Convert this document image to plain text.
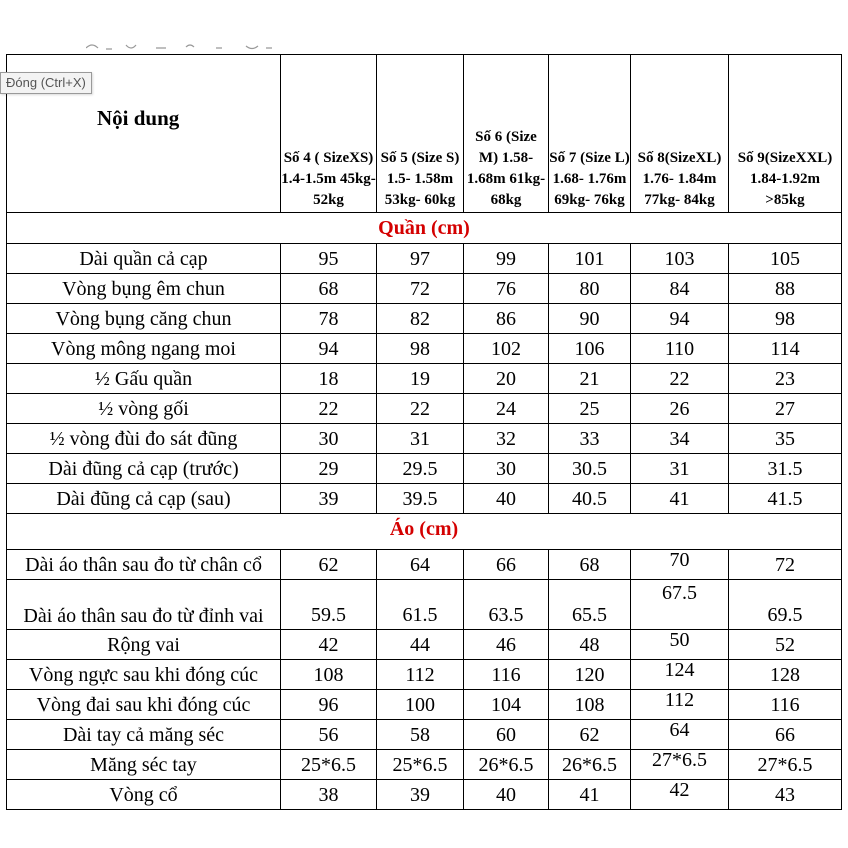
Đóng (Ctrl+X)
Nội dung	Số 4 ( SizeXS) 1.4-1.5m 45kg- 52kg	Số 5 (Size S) 1.5- 1.58m 53kg- 60kg	Số 6 (Size M) 1.58- 1.68m 61kg- 68kg	Số 7 (Size L) 1.68- 1.76m 69kg- 76kg	Số 8(SizeXL) 1.76- 1.84m 77kg- 84kg	Số 9(SizeXXL) 1.84-1.92m >85kg

Quần (cm)						
Dài quần cả cạp	95	97	99	101	103	105
Vòng bụng êm chun	68	72	76	80	84	88
Vòng bụng căng chun	78	82	86	90	94	98
Vòng mông ngang moi	94	98	102	106	110	114
½ Gấu quần	18	19	20	21	22	23
½ vòng gối	22	22	24	25	26	27
½ vòng đùi đo sát đũng	30	31	32	33	34	35
Dài đũng cả cạp (trước)	29	29.5	30	30.5	31	31.5
Dài đũng cả cạp (sau)	39	39.5	40	40.5	41	41.5
Áo (cm)						
Dài áo thân sau đo từ chân cổ	62	64	66	68	70	72
Dài áo thân sau đo từ đỉnh vai	59.5	61.5	63.5	65.5	67.5	69.5
Rộng vai	42	44	46	48	50	52
Vòng ngực sau khi đóng cúc	108	112	116	120	124	128
Vòng đai sau khi đóng cúc	96	100	104	108	112	116
Dài tay cả măng séc	56	58	60	62	64	66
Măng séc tay	25*6.5	25*6.5	26*6.5	26*6.5	27*6.5	27*6.5
Vòng cổ	38	39	40	41	42	43
